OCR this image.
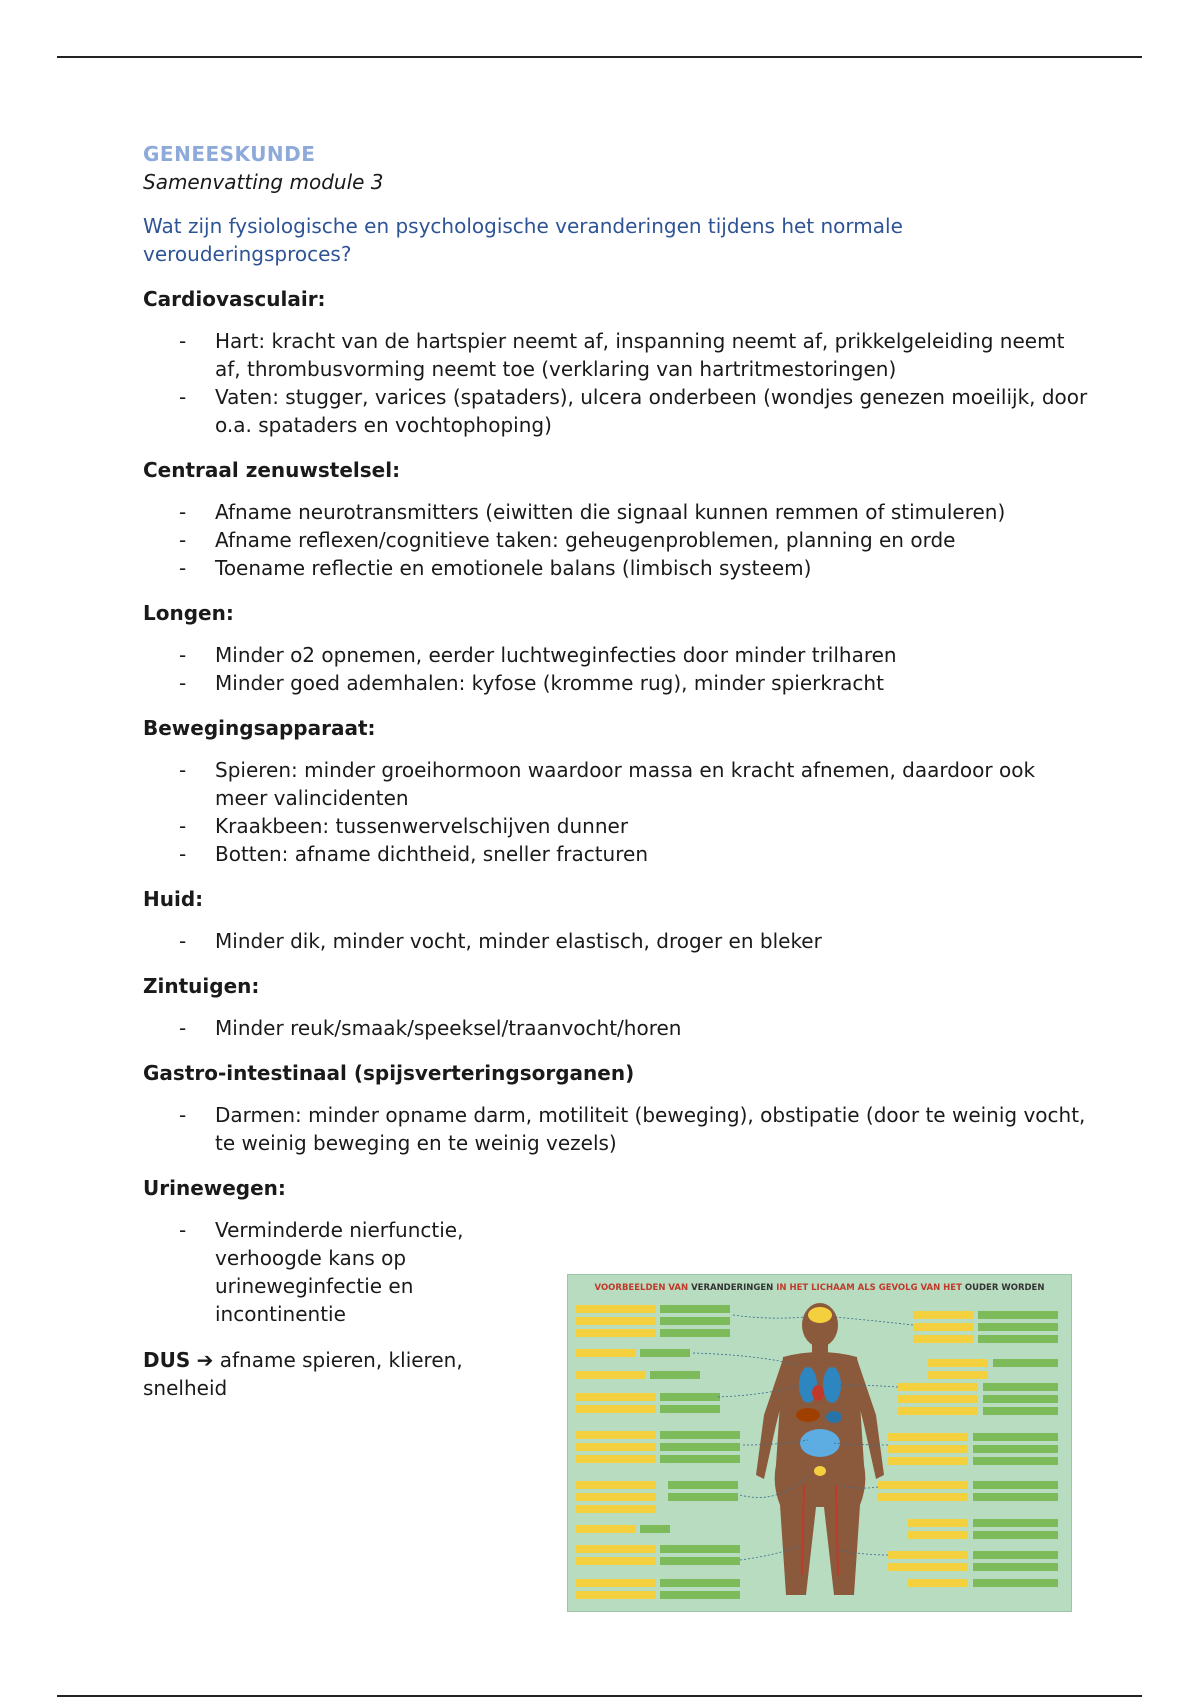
GENEESKUNDE
Samenvatting module 3
Wat zijn fysiologische en psychologische veranderingen tijdens het normale verouderingsproces?
Cardiovasculair:
- Hart: kracht van de hartspier neemt af, inspanning neemt af, prikkelgeleiding neemt af, thrombusvorming neemt toe (verklaring van hartritmestoringen)
- Vaten: stugger, varices (spataders), ulcera onderbeen (wondjes genezen moeilijk, door o.a. spataders en vochtophoping)
Centraal zenuwstelsel:
- Afname neurotransmitters (eiwitten die signaal kunnen remmen of stimuleren)
- Afname reflexen/cognitieve taken: geheugenproblemen, planning en orde
- Toename reflectie en emotionele balans (limbisch systeem)
Longen:
- Minder o2 opnemen, eerder luchtweginfecties door minder trilharen
- Minder goed ademhalen: kyfose (kromme rug), minder spierkracht
Bewegingsapparaat:
- Spieren: minder groeihormoon waardoor massa en kracht afnemen, daardoor ook meer valincidenten
- Kraakbeen: tussenwervelschijven dunner
- Botten: afname dichtheid, sneller fracturen
Huid:
- Minder dik, minder vocht, minder elastisch, droger en bleker
Zintuigen:
- Minder reuk/smaak/speeksel/traanvocht/horen
Gastro-intestinaal (spijsverteringsorganen)
- Darmen: minder opname darm, motiliteit (beweging), obstipatie (door te weinig vocht, te weinig beweging en te weinig vezels)
Urinewegen:
- Verminderde nierfunctie, verhoogde kans op urineweginfectie en incontinentie
DUS ➔ afname spieren, klieren, snelheid
VOORBEELDEN VAN VERANDERINGEN IN HET LICHAAM ALS GEVOLG VAN HET OUDER WORDEN
